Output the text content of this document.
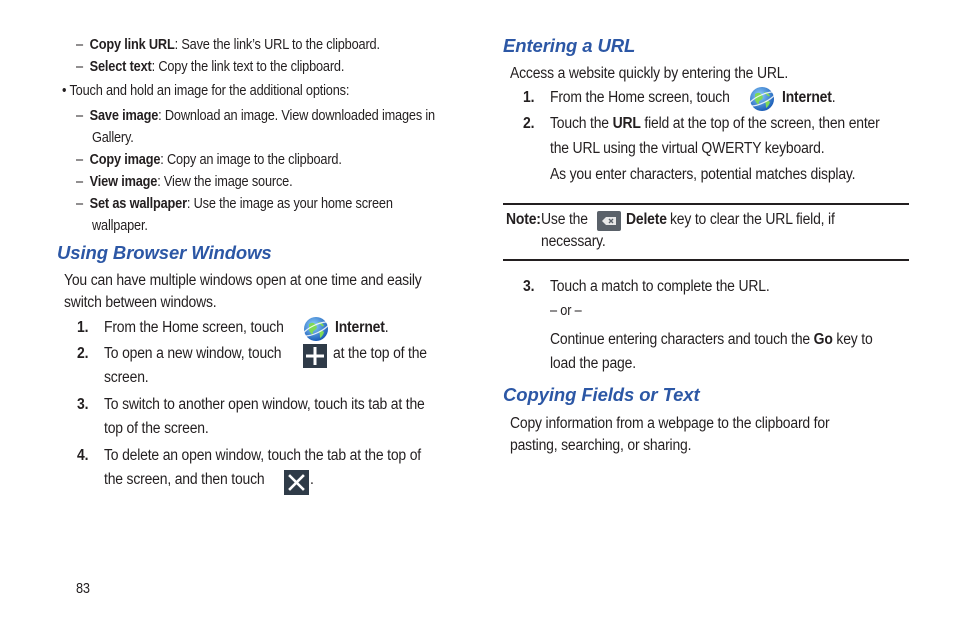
– Copy link URL: Save the link’s URL to the clipboard.
– Select text: Copy the link text to the clipboard.
• Touch and hold an image for the additional options:
– Save image: Download an image. View downloaded images in
Gallery.
– Copy image: Copy an image to the clipboard.
– View image: View the image source.
– Set as wallpaper: Use the image as your home screen
wallpaper.
Using Browser Windows
You can have multiple windows open at one time and easily
switch between windows.
1. From the Home screen, touch	Internet.
2. To open a new window, touch	at the top of the
screen.
3. To switch to another open window, touch its tab at the
top of the screen.
4. To delete an open window, touch the tab at the top of
the screen, and then touch	.
83
Entering a URL
Access a website quickly by entering the URL.
1. From the Home screen, touch	Internet.
2. Touch the URL field at the top of the screen, then enter
the URL using the virtual QWERTY keyboard.
As you enter characters, potential matches display.
Note: Use the Delete key to clear the URL field, if
necessary.
3. Touch a match to complete the URL.
– or –
Continue entering characters and touch the Go key to
load the page.
Copying Fields or Text
Copy information from a webpage to the clipboard for
pasting, searching, or sharing.
